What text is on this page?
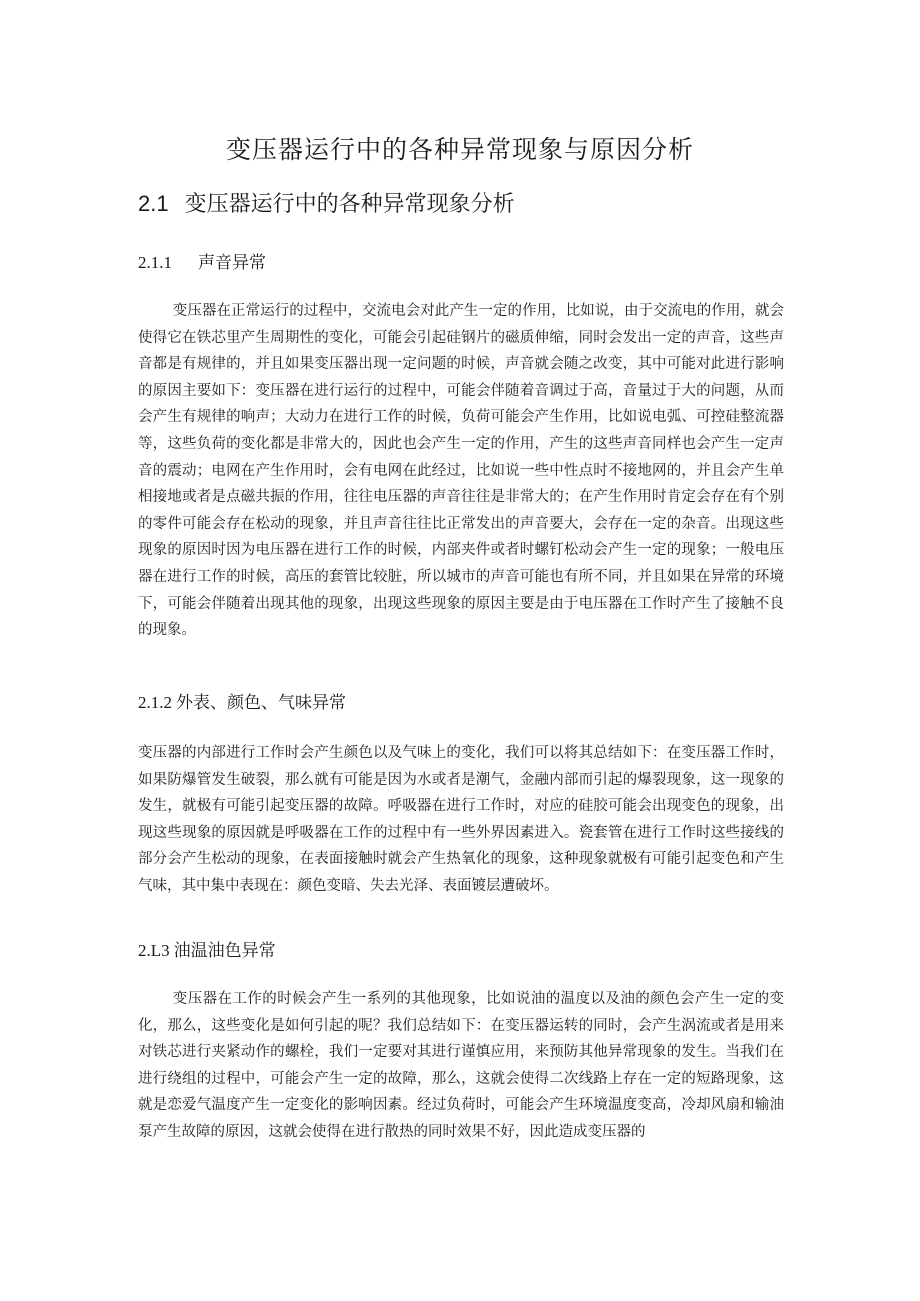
变压器运行中的各种异常现象与原因分析
2.1 变压器运行中的各种异常现象分析
2.1.1 声音异常

变压器在正常运行的过程中，交流电会对此产生一定的作用，比如说，由于交流电的作用，就会使得它在铁芯里产生周期性的变化，可能会引起硅钢片的磁质伸缩，同时会发出一定的声音，这些声音都是有规律的，并且如果变压器出现一定问题的时候，声音就会随之改变，其中可能对此进行影响的原因主要如下：变压器在进行运行的过程中，可能会伴随着音调过于高，音量过于大的问题，从而会产生有规律的响声；大动力在进行工作的时候，负荷可能会产生作用，比如说电弧、可控硅整流器等，这些负荷的变化都是非常大的，因此也会产生一定的作用，产生的这些声音同样也会产生一定声音的震动；电网在产生作用时，会有电网在此经过，比如说一些中性点时不接地网的，并且会产生单相接地或者是点磁共振的作用，往往电压器的声音往往是非常大的；在产生作用时肯定会存在有个别的零件可能会存在松动的现象，并且声音往往比正常发出的声音要大，会存在一定的杂音。出现这些现象的原因时因为电压器在进行工作的时候，内部夹件或者时螺钉松动会产生一定的现象；一般电压器在进行工作的时候，高压的套管比较脏，所以城市的声音可能也有所不同，并且如果在异常的环境下，可能会伴随着出现其他的现象，出现这些现象的原因主要是由于电压器在工作时产生了接触不良的现象。

2.1.2 外表、颜色、气味异常

变压器的内部进行工作时会产生颜色以及气味上的变化，我们可以将其总结如下：在变压器工作时，如果防爆管发生破裂，那么就有可能是因为水或者是潮气，金融内部而引起的爆裂现象，这一现象的发生，就极有可能引起变压器的故障。呼吸器在进行工作时，对应的硅胶可能会出现变色的现象，出现这些现象的原因就是呼吸器在工作的过程中有一些外界因素进入。瓷套管在进行工作时这些接线的部分会产生松动的现象，在表面接触时就会产生热氧化的现象，这种现象就极有可能引起变色和产生气味，其中集中表现在：颜色变暗、失去光泽、表面镀层遭破坏。

2.L3 油温油色异常

变压器在工作的时候会产生一系列的其他现象，比如说油的温度以及油的颜色会产生一定的变化，那么，这些变化是如何引起的呢？我们总结如下：在变压器运转的同时，会产生涡流或者是用来对铁芯进行夹紧动作的螺栓，我们一定要对其进行谨慎应用，来预防其他异常现象的发生。当我们在进行绕组的过程中，可能会产生一定的故障，那么，这就会使得二次线路上存在一定的短路现象，这就是恋爱气温度产生一定变化的影响因素。经过负荷时，可能会产生环境温度变高，冷却风扇和输油泵产生故障的原因，这就会使得在进行散热的同时效果不好，因此造成变压器的
